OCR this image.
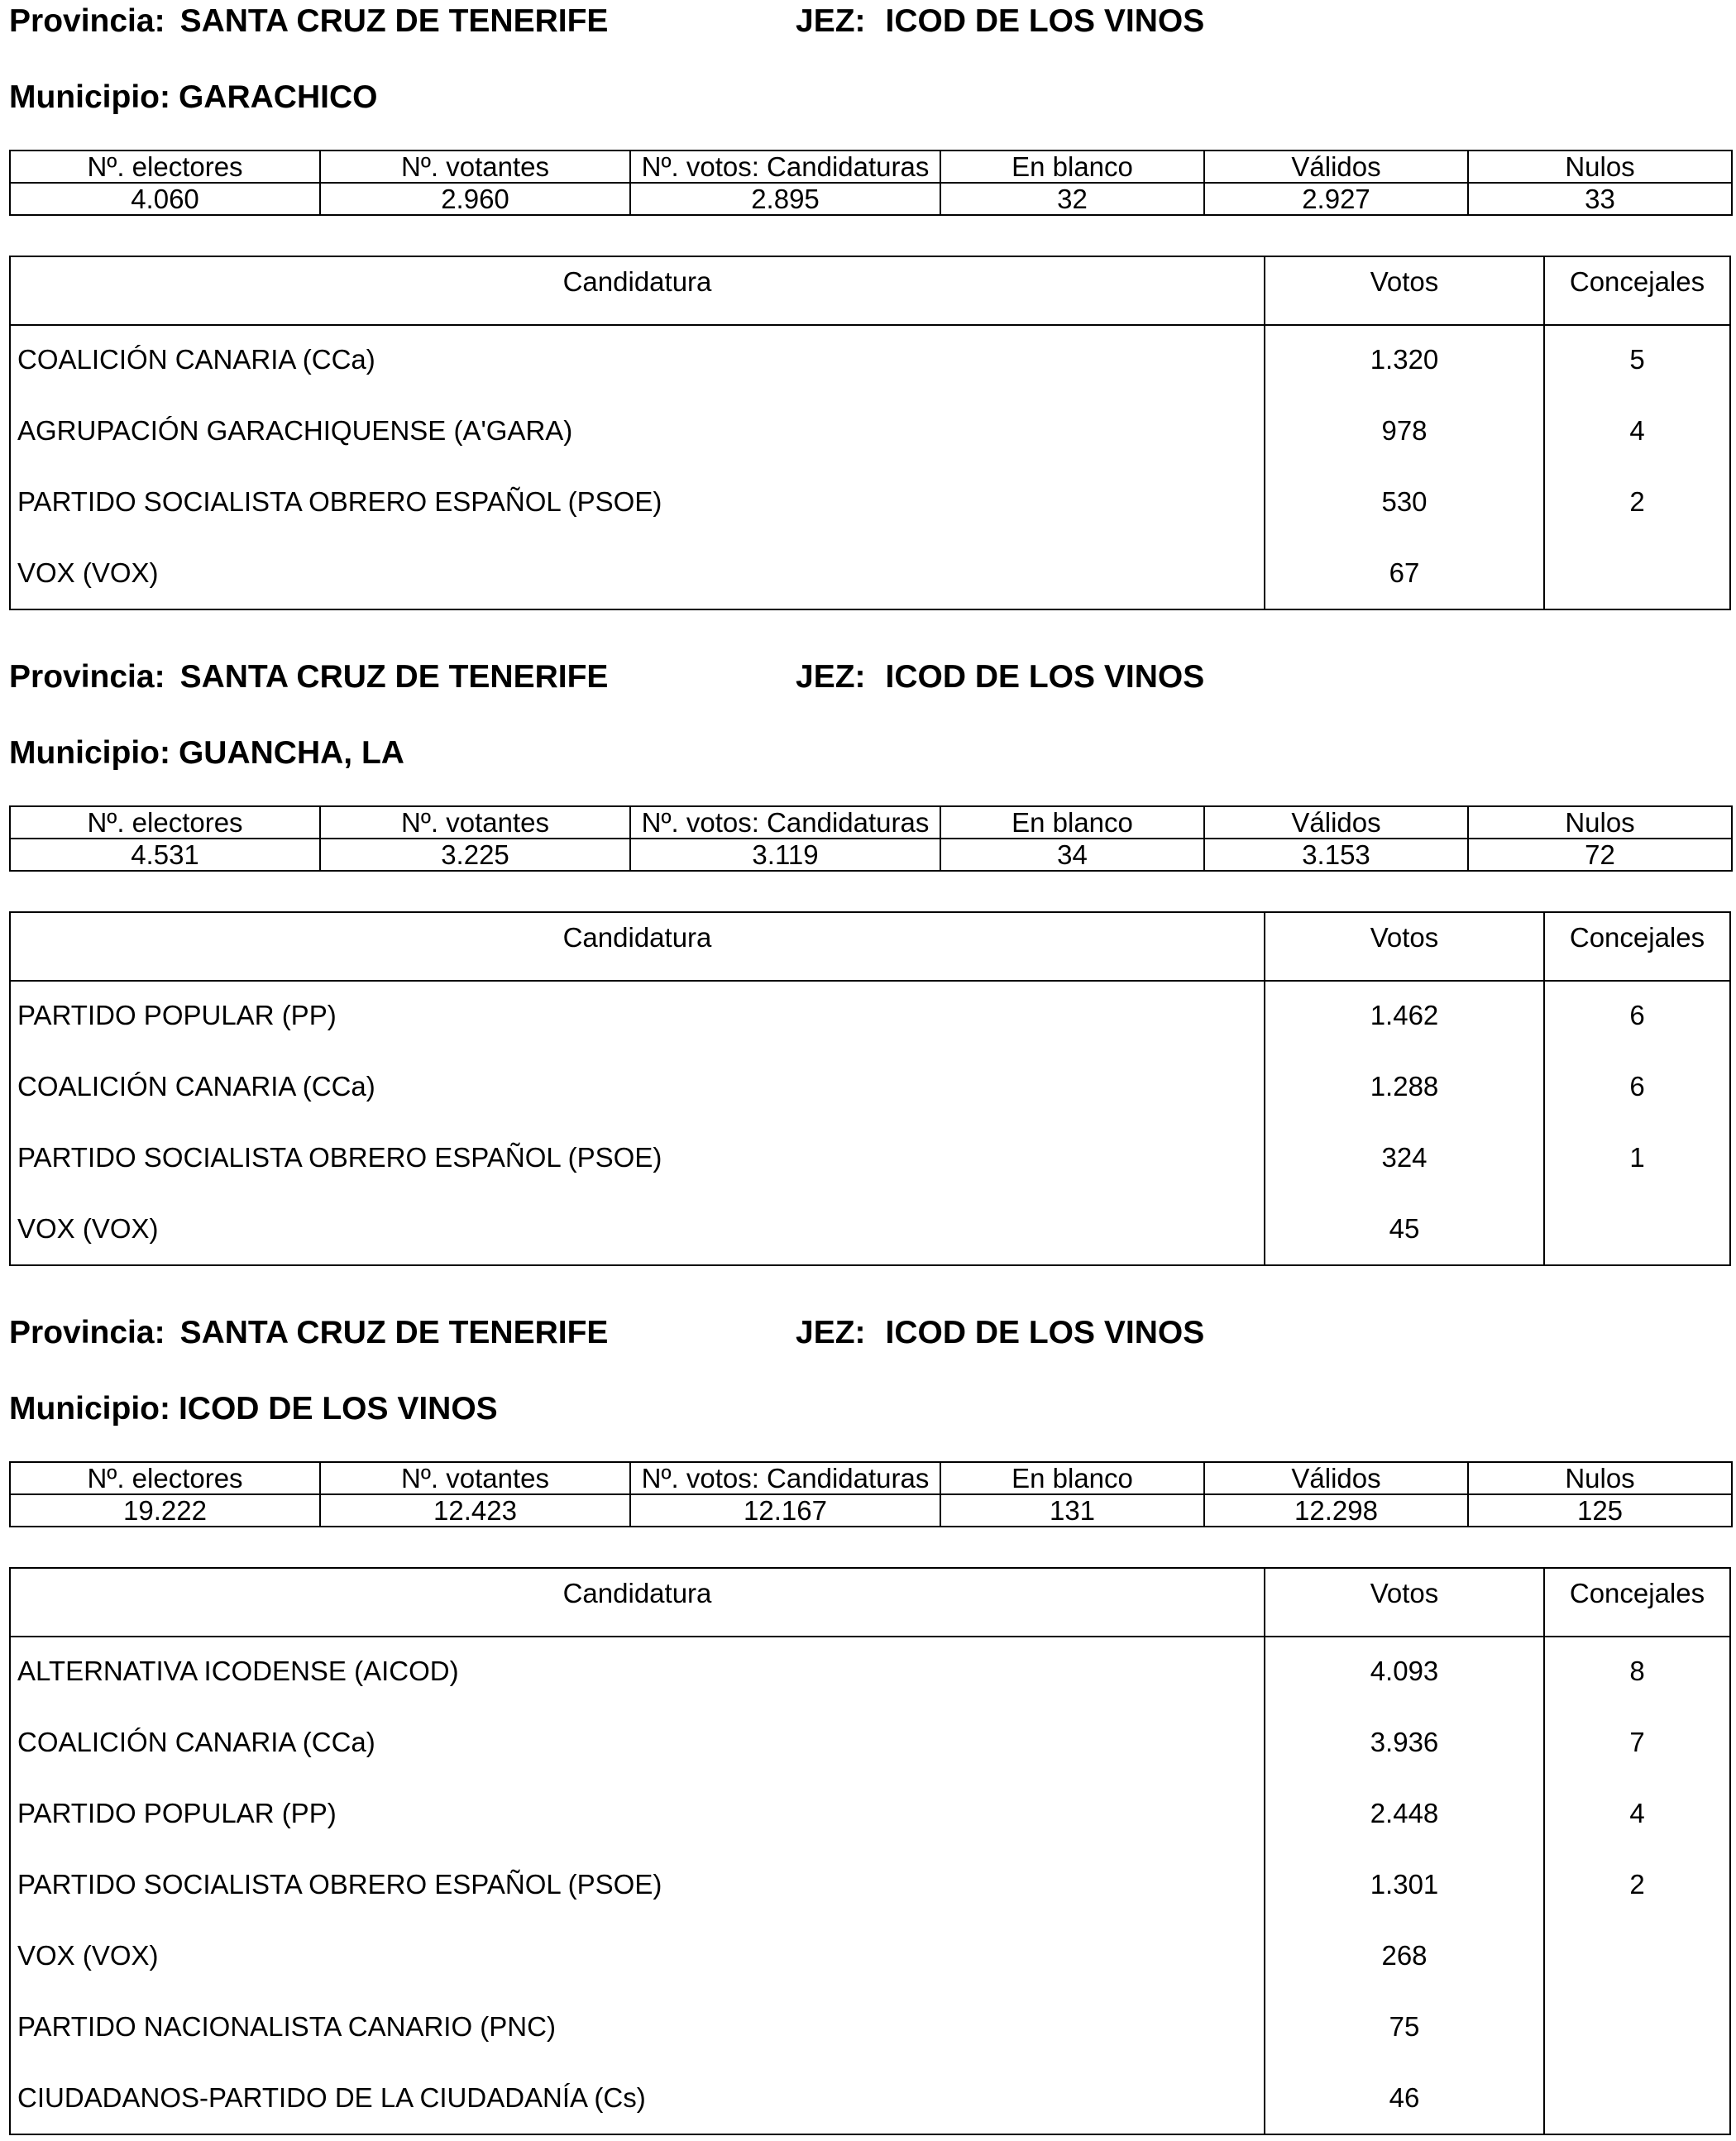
Provincia: SANTA CRUZ DE TENERIFE	JEZ: ICOD DE LOS VINOS
Municipio: GARACHICO
Nº. electores	Nº. votantes	Nº. votos: Candidaturas	En blanco	Válidos	Nulos
4.060	2.960	2.895	32	2.927	33
Candidatura	Votos	Concejales
COALICIÓN CANARIA (CCa)	1.320	5
AGRUPACIÓN GARACHIQUENSE (A'GARA)	978	4
PARTIDO SOCIALISTA OBRERO ESPAÑOL (PSOE)	530	2
VOX (VOX)	67
Provincia: SANTA CRUZ DE TENERIFE	JEZ: ICOD DE LOS VINOS
Municipio: GUANCHA, LA
Nº. electores	Nº. votantes	Nº. votos: Candidaturas	En blanco	Válidos	Nulos
4.531	3.225	3.119	34	3.153	72
Candidatura	Votos	Concejales
PARTIDO POPULAR (PP)	1.462	6
COALICIÓN CANARIA (CCa)	1.288	6
PARTIDO SOCIALISTA OBRERO ESPAÑOL (PSOE)	324	1
VOX (VOX)	45
Provincia: SANTA CRUZ DE TENERIFE	JEZ: ICOD DE LOS VINOS
Municipio: ICOD DE LOS VINOS
Nº. electores	Nº. votantes	Nº. votos: Candidaturas	En blanco	Válidos	Nulos
19.222	12.423	12.167	131	12.298	125
Candidatura	Votos	Concejales
ALTERNATIVA ICODENSE (AICOD)	4.093	8
COALICIÓN CANARIA (CCa)	3.936	7
PARTIDO POPULAR (PP)	2.448	4
PARTIDO SOCIALISTA OBRERO ESPAÑOL (PSOE)	1.301	2
VOX (VOX)	268
PARTIDO NACIONALISTA CANARIO (PNC)	75
CIUDADANOS-PARTIDO DE LA CIUDADANÍA (Cs)	46
